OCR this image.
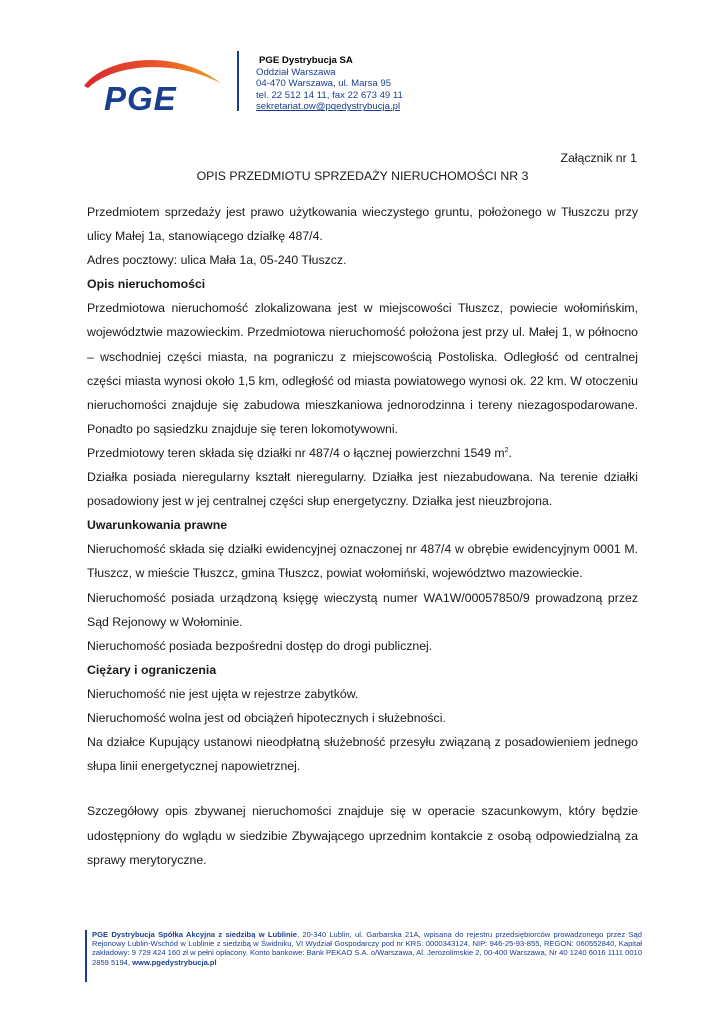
PGE
PGE Dystrybucja SA
Oddział Warszawa
04-470 Warszawa, ul. Marsa 95
tel. 22 512 14 11, fax 22 673 49 11
sekretariat.ow@pgedystrybucja.pl
Załącznik nr 1
OPIS PRZEDMIOTU SPRZEDAŻY NIERUCHOMOŚCI NR 3

Przedmiotem sprzedaży jest prawo użytkowania wieczystego gruntu, położonego w Tłuszczu przy ulicy Małej 1a, stanowiącego działkę 487/4.

Adres pocztowy: ulica Mała 1a, 05-240 Tłuszcz.

Opis nieruchomości

Przedmiotowa nieruchomość zlokalizowana jest w miejscowości Tłuszcz, powiecie wołomińskim, województwie mazowieckim. Przedmiotowa nieruchomość położona jest przy ul. Małej 1, w północno – wschodniej części miasta, na pograniczu z miejscowością Postoliska. Odległość od centralnej części miasta wynosi około 1,5 km, odległość od miasta powiatowego wynosi ok. 22 km. W otoczeniu nieruchomości znajduje się zabudowa mieszkaniowa jednorodzinna i tereny niezagospodarowane. Ponadto po sąsiedzku znajduje się teren lokomotywowni.

Przedmiotowy teren składa się działki nr 487/4 o łącznej powierzchni 1549 $m^2$.

Działka posiada nieregularny kształt nieregularny. Działka jest niezabudowana. Na terenie działki posadowiony jest w jej centralnej części słup energetyczny. Działka jest nieuzbrojona.

Uwarunkowania prawne

Nieruchomość składa się działki ewidencyjnej oznaczonej nr 487/4 w obrębie ewidencyjnym 0001 M. Tłuszcz, w mieście Tłuszcz, gmina Tłuszcz, powiat wołomiński, województwo mazowieckie.

Nieruchomość posiada urządzoną księgę wieczystą numer WA1W/00057850/9 prowadzoną przez Sąd Rejonowy w Wołominie.

Nieruchomość posiada bezpośredni dostęp do drogi publicznej.

Ciężary i ograniczenia

Nieruchomość nie jest ujęta w rejestrze zabytków.

Nieruchomość wolna jest od obciążeń hipotecznych i służebności.

Na działce Kupujący ustanowi nieodpłatną służebność przesyłu związaną z posadowieniem jednego słupa linii energetycznej napowietrznej.

Szczegółowy opis zbywanej nieruchomości znajduje się w operacie szacunkowym, który będzie udostępniony do wglądu w siedzibie Zbywającego uprzednim kontakcie z osobą odpowiedzialną za sprawy merytoryczne.

PGE Dystrybucja Spółka Akcyjna z siedzibą w Lublinie, 20-340 Lublin, ul. Garbarska 21A, wpisana do rejestru przedsiębiorców prowadzonego przez Sąd Rejonowy Lublin-Wschód w Lublinie z siedzibą w Świdniku, VI Wydział Gospodarczy pod nr KRS: 0000343124, NIP: 946-25-93-855, REGON: 060552840, Kapitał zakładowy: 9 729 424 160 zł w pełni opłacony. Konto bankowe: Bank PEKAO S.A. o/Warszawa, Al. Jerozolimskie 2, 00-400 Warszawa, Nr 40 1240 6016 1111 0010 2859 5194, www.pgedystrybucja.pl
